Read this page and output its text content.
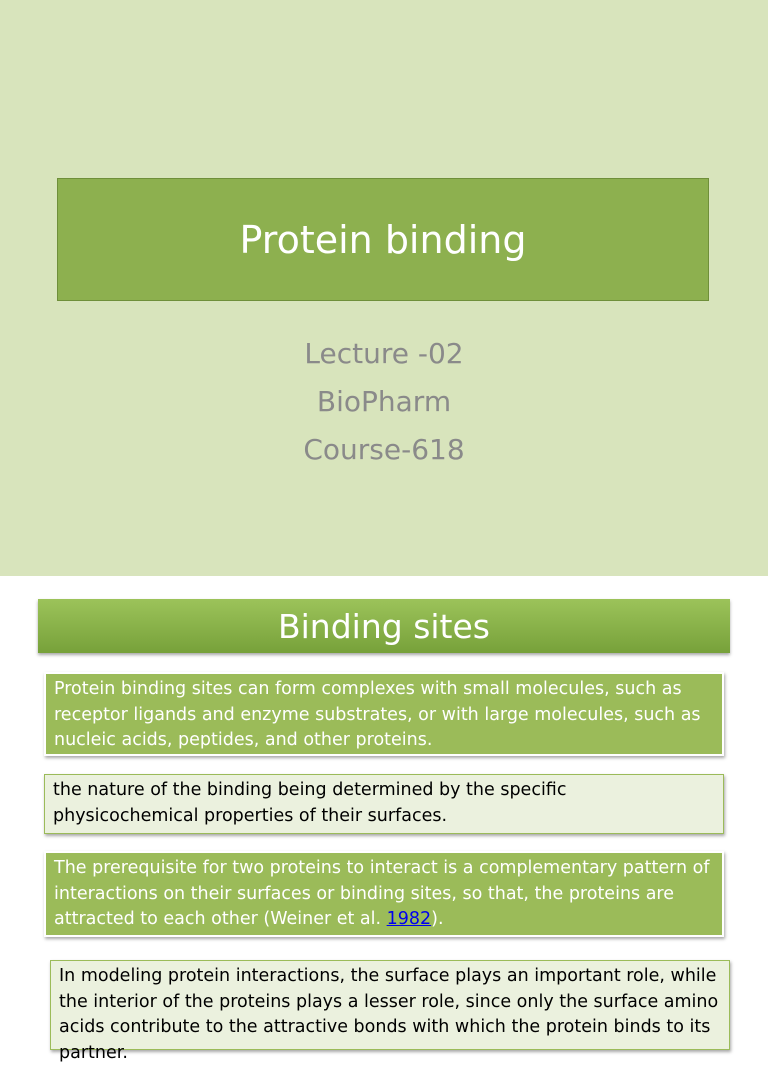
Protein binding
Lecture -02
BioPharm
Course-618
Binding sites
Protein binding sites can form complexes with small molecules, such as receptor ligands and enzyme substrates, or with large molecules, such as nucleic acids, peptides, and other proteins.
the nature of the binding being determined by the specific physicochemical properties of their surfaces.
The prerequisite for two proteins to interact is a complementary pattern of interactions on their surfaces or binding sites, so that, the proteins are attracted to each other (Weiner et al. 1982).
In modeling protein interactions, the surface plays an important role, while the interior of the proteins plays a lesser role, since only the surface amino acids contribute to the attractive bonds with which the protein binds to its partner.
